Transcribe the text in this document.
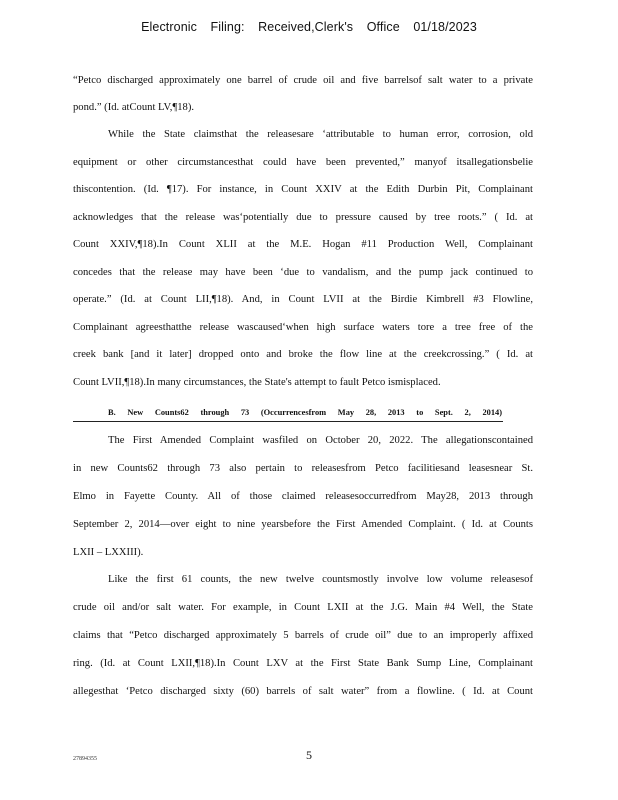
Electronic Filing: Received,Clerk's Office 01/18/2023
“Petco discharged approximately one barrel of crude oil and five barrelsof salt water to a private
pond.” (Id. atCount LV,¶18).
While the State claimsthat the releasesare ‘attributable to human error, corrosion, old
equipment or other circumstancesthat could have been prevented,” manyof itsallegationsbelie
thiscontention. (Id. ¶17). For instance, in Count XXIV at the Edith Durbin Pit, Complainant
acknowledges that the release was‘potentially due to pressure caused by tree roots.” ( Id. at
Count XXIV,¶18).In Count XLII at the M.E. Hogan #11 Production Well, Complainant
concedes that the release may have been ‘due to vandalism, and the pump jack continued to
operate.” (Id. at Count LII,¶18). And, in Count LVII at the Birdie Kimbrell #3 Flowline,
Complainant agreesthatthe release wascaused‘when high surface waters tore a tree free of the
creek bank [and it later] dropped onto and broke the flow line at the creekcrossing.” ( Id. at
Count LVII,¶18).In many circumstances, the State's attempt to fault Petco ismisplaced.
B. New Counts62 through 73 (Occurrencesfrom May 28, 2013 to Sept. 2, 2014)
The First Amended Complaint wasfiled on October 20, 2022. The allegationscontained
in new Counts62 through 73 also pertain to releasesfrom Petco facilitiesand leasesnear St.
Elmo in Fayette County. All of those claimed releasesoccurredfrom May28, 2013 through
September 2, 2014—over eight to nine yearsbefore the First Amended Complaint. ( Id. at Counts
LXII – LXXIII).
Like the first 61 counts, the new twelve countsmostly involve low volume releasesof
crude oil and/or salt water. For example, in Count LXII at the J.G. Main #4 Well, the State
claims that “Petco discharged approximately 5 barrels of crude oil” due to an improperly affixed
ring. (Id. at Count LXII,¶18).In Count LXV at the First State Bank Sump Line, Complainant
allegesthat ‘Petco discharged sixty (60) barrels of salt water” from a flowline. ( Id. at Count
5
27894355
